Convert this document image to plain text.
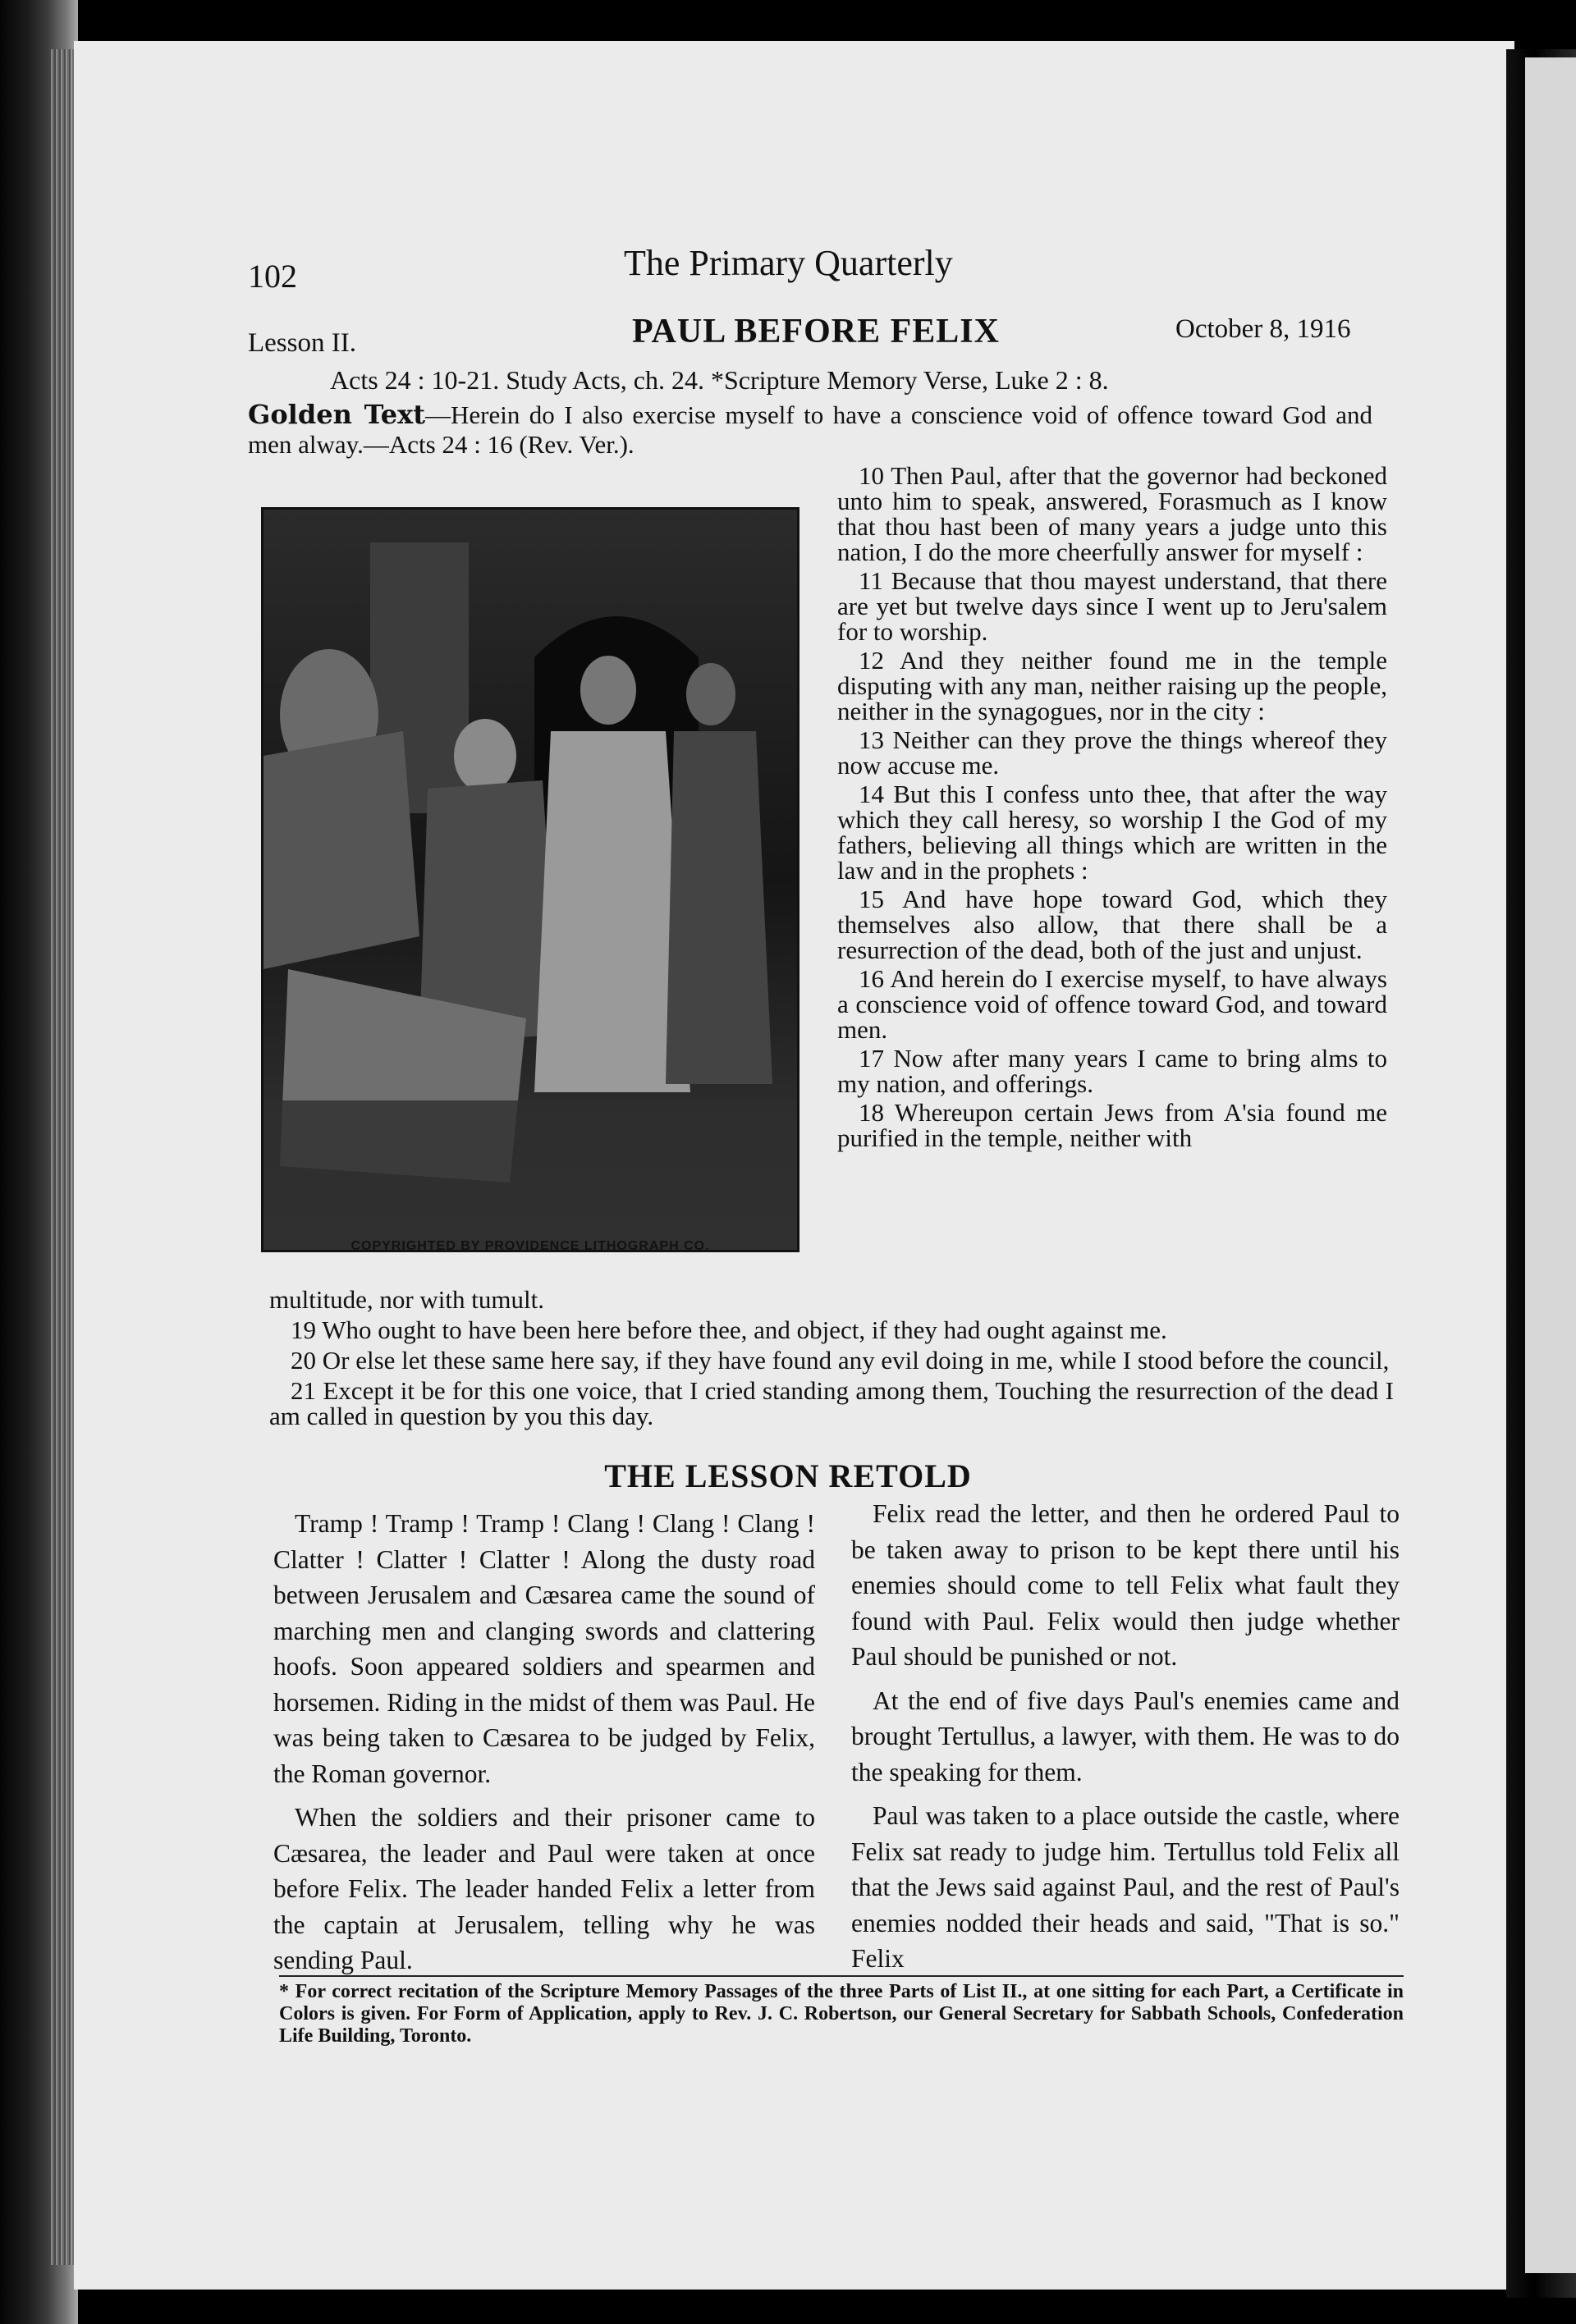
102	The Primary Quarterly
Lesson II.	PAUL BEFORE FELIX	October 8, 1916
Acts 24 : 10-21. Study Acts, ch. 24. *Scripture Memory Verse, Luke 2 : 8.
Golden Text—Herein do I also exercise myself to have a conscience void of offence toward God and men alway.—Acts 24 : 16 (Rev. Ver.).
COPYRIGHTED BY PROVIDENCE LITHOGRAPH CO.

10 Then Paul, after that the governor had beckoned unto him to speak, answered, Forasmuch as I know that thou hast been of many years a judge unto this nation, I do the more cheerfully answer for myself :

11 Because that thou mayest understand, that there are yet but twelve days since I went up to Jeru'salem for to worship.

12 And they neither found me in the temple disputing with any man, neither raising up the people, neither in the synagogues, nor in the city :

13 Neither can they prove the things whereof they now accuse me.

14 But this I confess unto thee, that after the way which they call heresy, so worship I the God of my fathers, believing all things which are written in the law and in the prophets :

15 And have hope toward God, which they themselves also allow, that there shall be a resurrection of the dead, both of the just and unjust.

16 And herein do I exercise myself, to have always a conscience void of offence toward God, and toward men.

17 Now after many years I came to bring alms to my nation, and offerings.

18 Whereupon certain Jews from A'sia found me purified in the temple, neither with

multitude, nor with tumult.

19 Who ought to have been here before thee, and object, if they had ought against me.

20 Or else let these same here say, if they have found any evil doing in me, while I stood before the council,

21 Except it be for this one voice, that I cried standing among them, Touching the resurrection of the dead I am called in question by you this day.

THE LESSON RETOLD

Tramp ! Tramp ! Tramp ! Clang ! Clang ! Clang ! Clatter ! Clatter ! Clatter ! Along the dusty road between Jerusalem and Cæsarea came the sound of marching men and clanging swords and clattering hoofs. Soon appeared soldiers and spearmen and horsemen. Riding in the midst of them was Paul. He was being taken to Cæsarea to be judged by Felix, the Roman governor.

When the soldiers and their prisoner came to Cæsarea, the leader and Paul were taken at once before Felix. The leader handed Felix a letter from the captain at Jerusalem, telling why he was sending Paul.

Felix read the letter, and then he ordered Paul to be taken away to prison to be kept there until his enemies should come to tell Felix what fault they found with Paul. Felix would then judge whether Paul should be punished or not.

At the end of five days Paul's enemies came and brought Tertullus, a lawyer, with them. He was to do the speaking for them.

Paul was taken to a place outside the castle, where Felix sat ready to judge him. Tertullus told Felix all that the Jews said against Paul, and the rest of Paul's enemies nodded their heads and said, "That is so." Felix

* For correct recitation of the Scripture Memory Passages of the three Parts of List II., at one sitting for each Part, a Certificate in Colors is given. For Form of Application, apply to Rev. J. C. Robertson, our General Secretary for Sabbath Schools, Confederation Life Building, Toronto.
